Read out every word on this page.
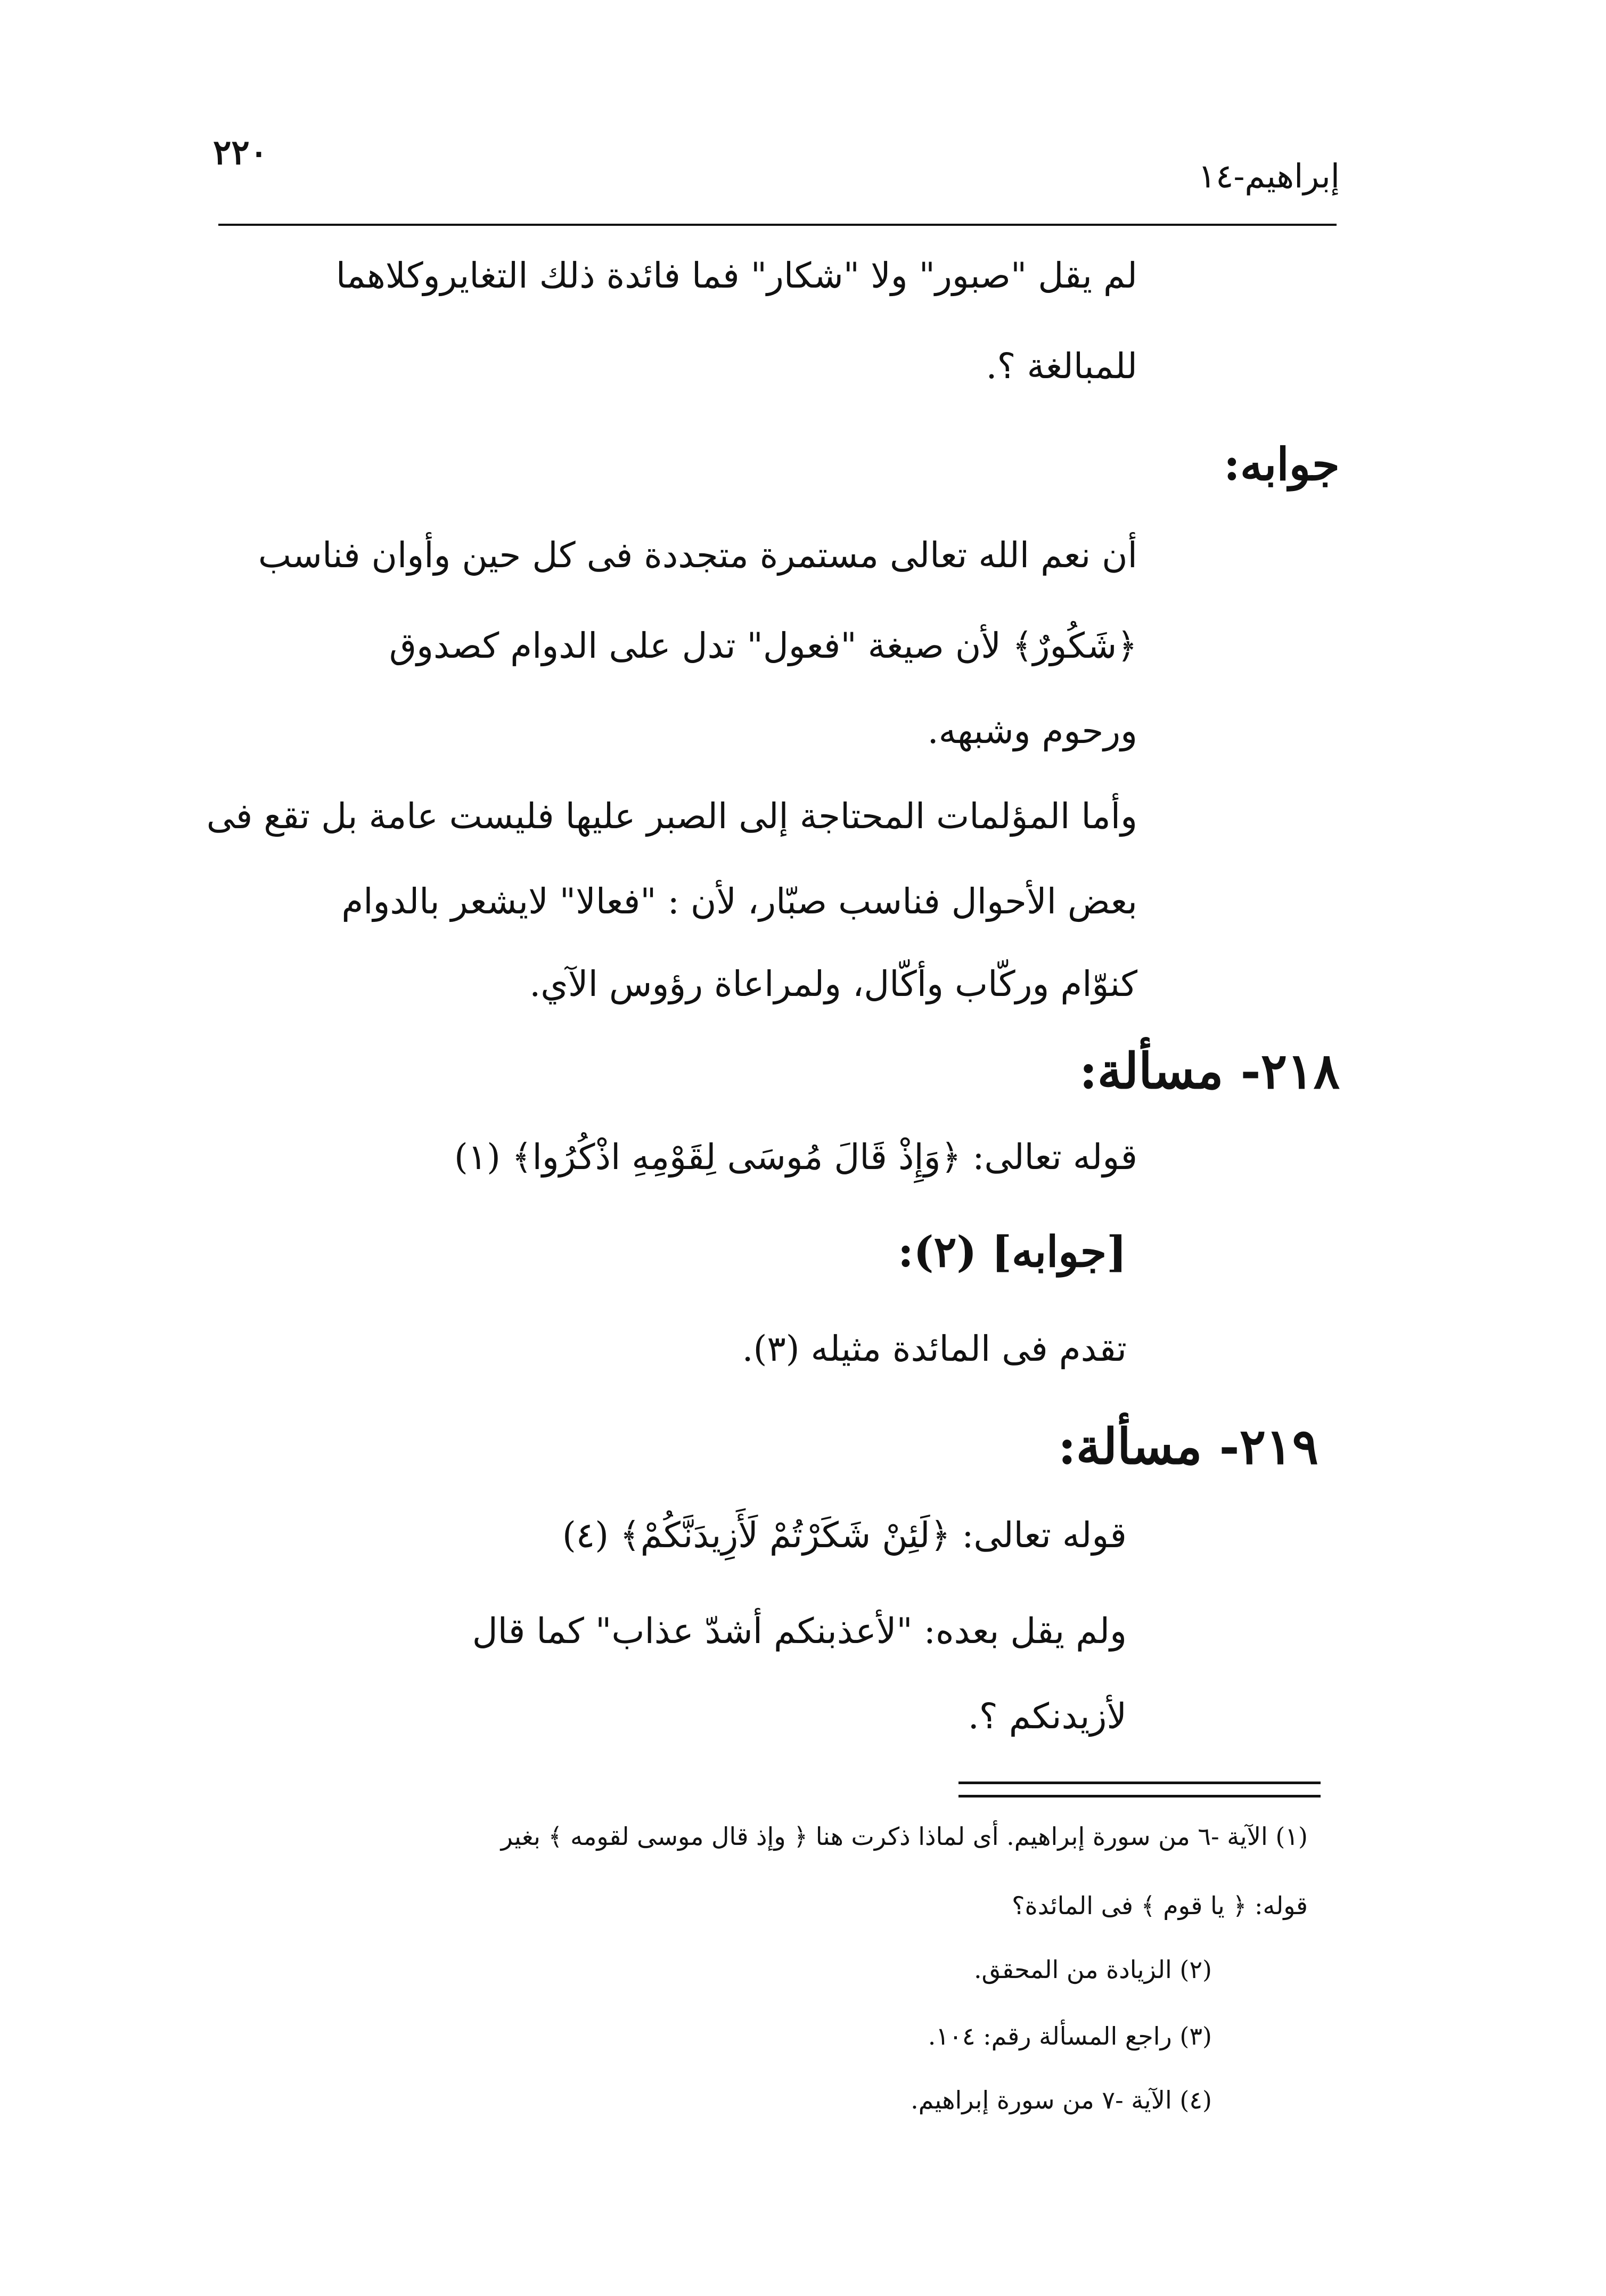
٢٢٠
إبراهيم-١٤
لم يقل "صبور" ولا "شكار" فما فائدة ذلك التغايروكلاهما
للمبالغة ؟.
جوابه:
أن نعم الله تعالى مستمرة متجددة فى كل حين وأوان فناسب
﴿شَكُورٌ﴾ لأن صيغة "فعول" تدل على الدوام كصدوق
ورحوم وشبهه.
وأما المؤلمات المحتاجة إلى الصبر عليها فليست عامة بل تقع فى
بعض الأحوال فناسب صبّار، لأن : "فعالا" لايشعر بالدوام
كنوّام وركّاب وأكّال، ولمراعاة رؤوس الآي.
٢١٨- مسألة:
قوله تعالى: ﴿وَإِذْ قَالَ مُوسَى لِقَوْمِهِ اذْكُرُوا﴾ (١)
[جوابه] (٢):
تقدم فى المائدة مثيله (٣).
٢١٩- مسألة:
قوله تعالى: ﴿لَئِنْ شَكَرْتُمْ لَأَزِيدَنَّكُمْ﴾ (٤)
ولم يقل بعده: "لأعذبنكم أشدّ عذاب" كما قال
لأزيدنكم ؟.
(١) الآية -٦ من سورة إبراهيم. أى لماذا ذكرت هنا ﴿ وإذ قال موسى لقومه ﴾ بغير
قوله: ﴿ يا قوم ﴾ فى المائدة؟
(٢) الزيادة من المحقق.
(٣) راجع المسألة رقم: ١٠٤.
(٤) الآية -٧ من سورة إبراهيم.
